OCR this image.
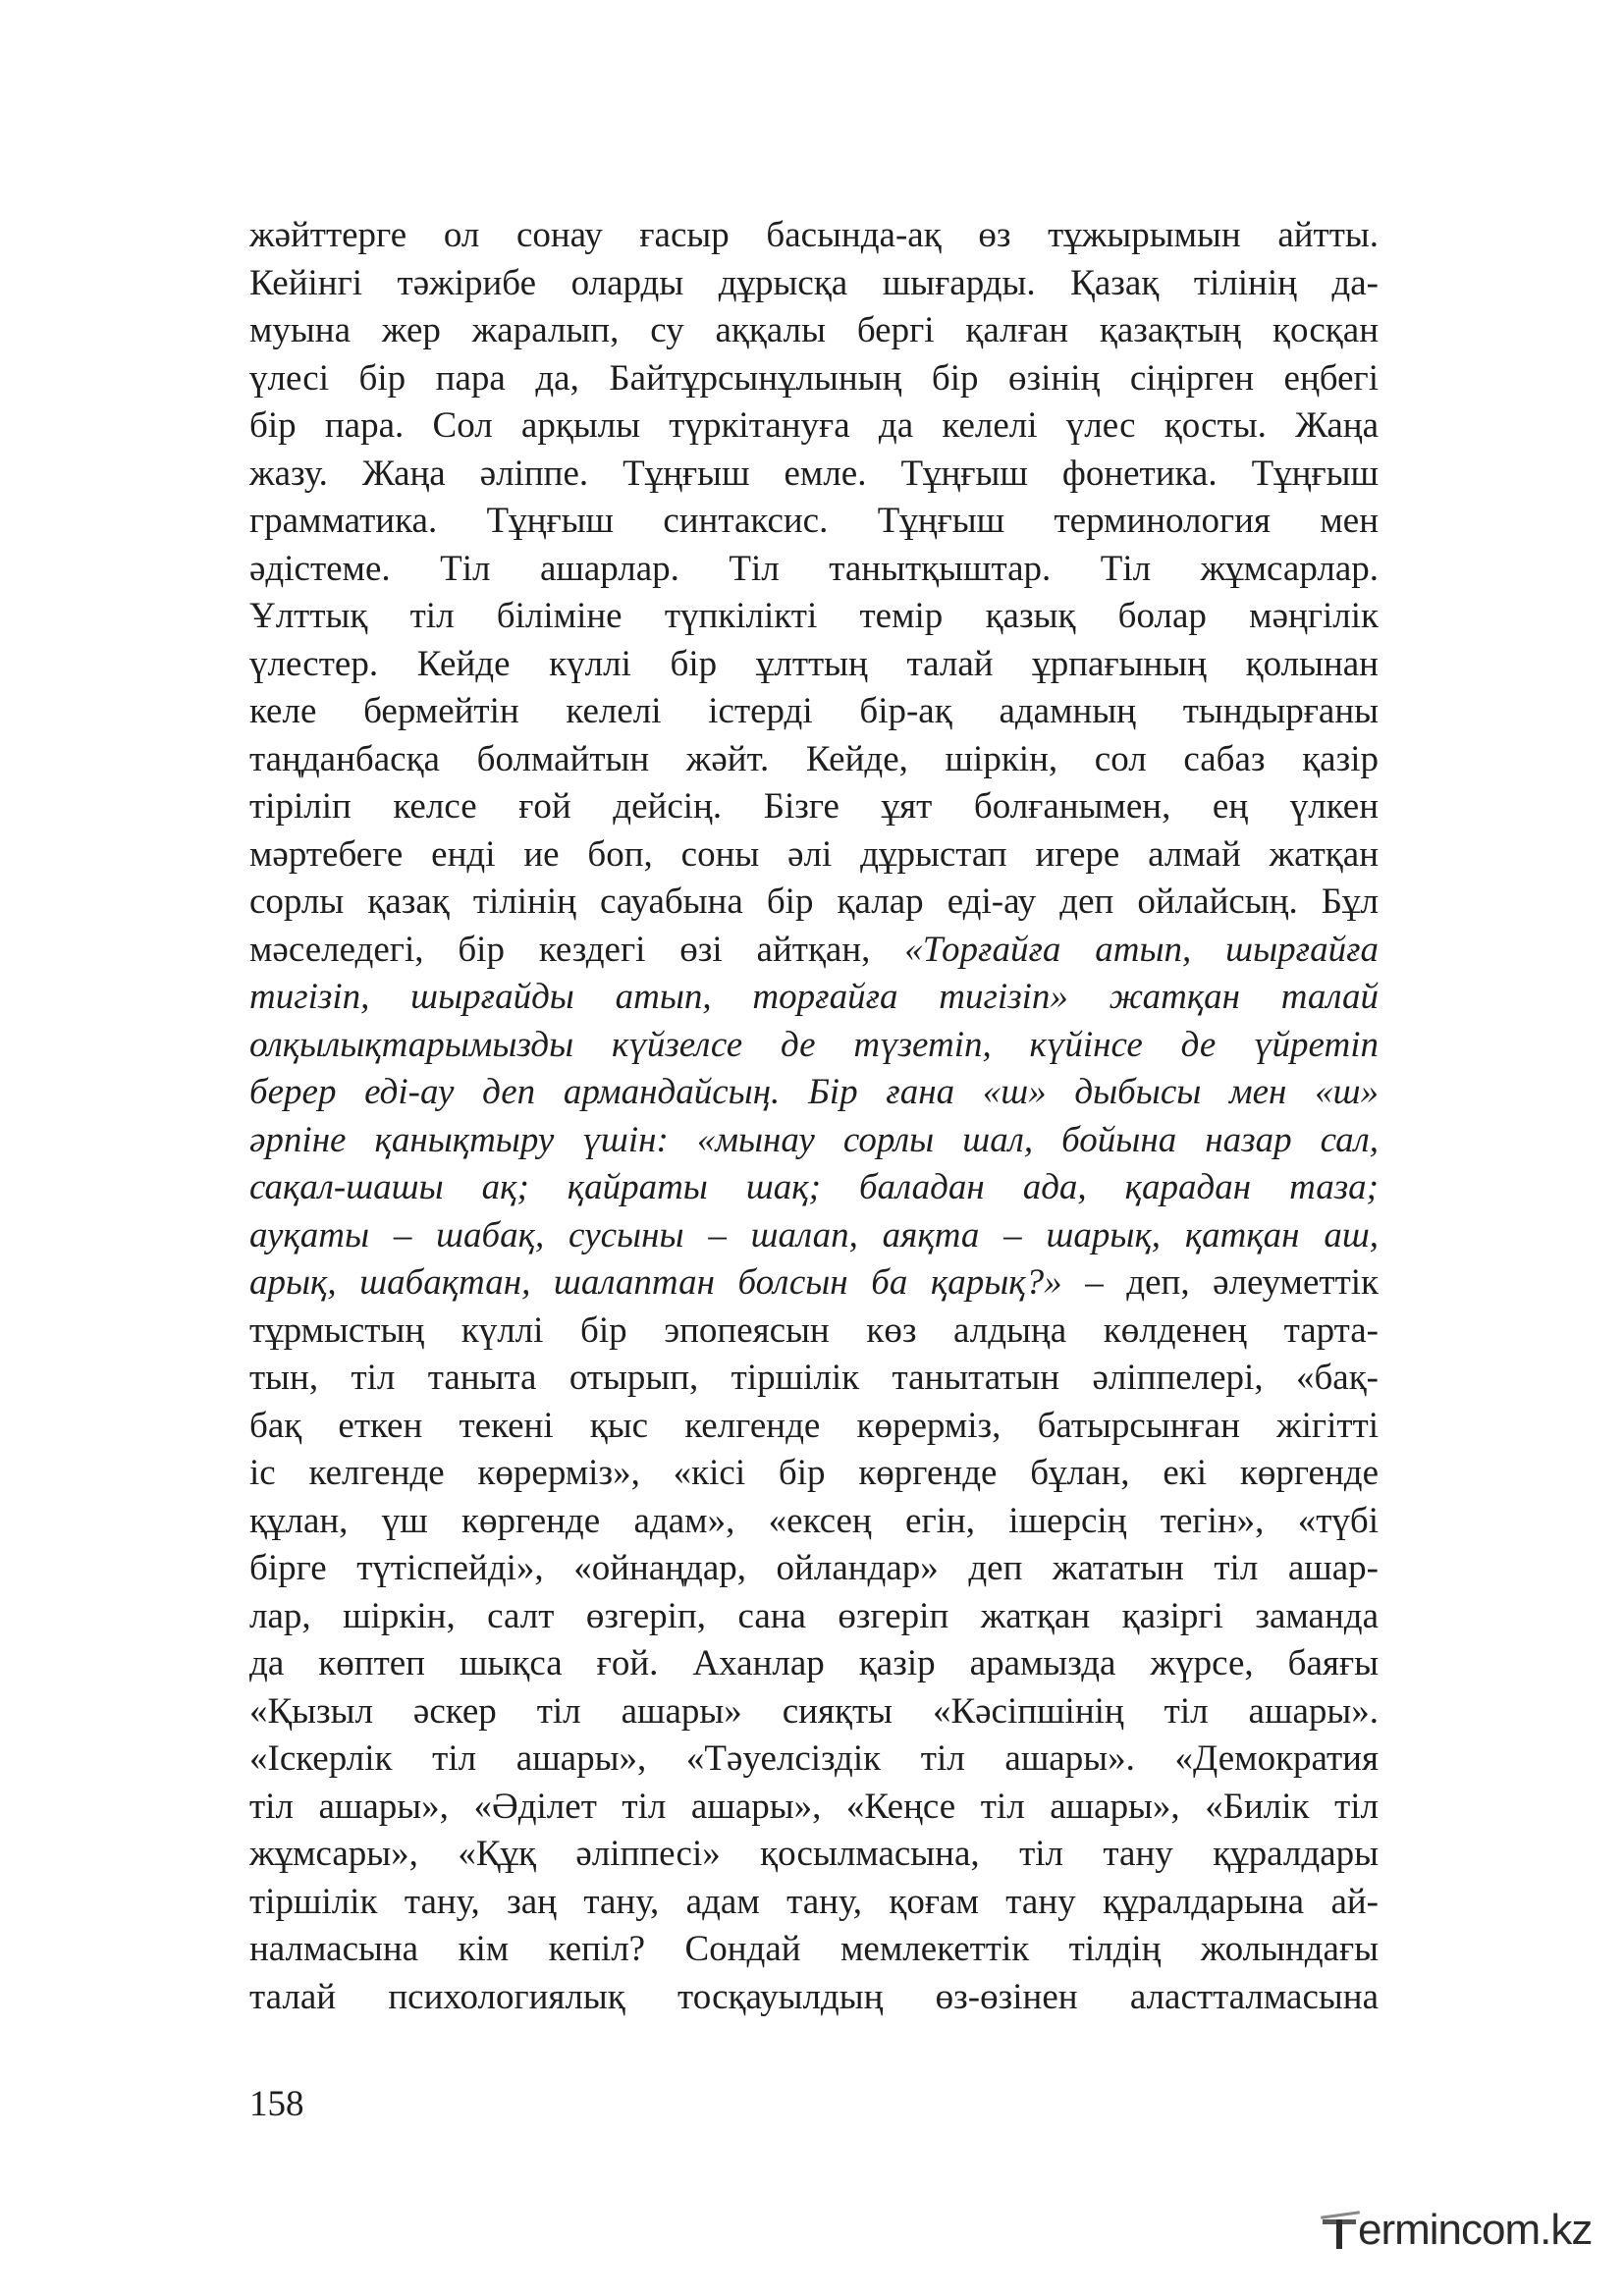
жәйттерге ол сонау ғасыр басында-ақ өз тұжырымын айтты.
Кейінгі тәжірибе оларды дұрысқа шығарды. Қазақ тілінің да-
муына жер жаралып, су аққалы бергі қалған қазақтың қосқан
үлесі бір пара да, Байтұрсынұлының бір өзінің сіңірген еңбегі
бір пара. Сол арқылы түркітануға да келелі үлес қосты. Жаңа
жазу. Жаңа әліппе. Тұңғыш емле. Тұңғыш фонетика. Тұңғыш
грамматика. Тұңғыш синтаксис. Тұңғыш терминология мен
әдістеме. Тіл ашарлар. Тіл танытқыштар. Тіл жұмсарлар.
Ұлттық тіл біліміне түпкілікті темір қазық болар мәңгілік
үлестер. Кейде күллі бір ұлттың талай ұрпағының қолынан
келе бермейтін келелі істерді бір-ақ адамның тындырғаны
таңданбасқа болмайтын жәйт. Кейде, шіркін, сол сабаз қазір
тіріліп келсе ғой дейсің. Бізге ұят болғанымен, ең үлкен
мәртебеге енді ие боп, соны әлі дұрыстап игере алмай жатқан
сорлы қазақ тілінің сауабына бір қалар еді-ау деп ойлайсың. Бұл
мәселедегі, бір кездегі өзі айтқан, «Торғайға атып, шырғайға
тигізіп, шырғайды атып, торғайға тигізіп» жатқан талай
олқылықтарымызды күйзелсе де түзетіп, күйінсе де үйретіп
берер еді-ау деп армандайсың. Бір ғана «ш» дыбысы мен «ш»
әрпіне қанықтыру үшін: «мынау сорлы шал, бойына назар сал,
сақал-шашы ақ; қайраты шақ; баладан ада, қарадан таза;
ауқаты – шабақ, сусыны – шалап, аяқта – шарық, қатқан аш,
арық, шабақтан, шалаптан болсын ба қарық?» – деп, әлеуметтік
тұрмыстың күллі бір эпопеясын көз алдыңа көлденең тарта-
тын, тіл таныта отырып, тіршілік танытатын әліппелері, «бақ-
бақ еткен текені қыс келгенде көрерміз, батырсынған жігітті
іс келгенде көрерміз», «кісі бір көргенде бұлан, екі көргенде
құлан, үш көргенде адам», «ексең егін, ішерсің тегін», «түбі
бірге түтіспейді», «ойнаңдар, ойландар» деп жататын тіл ашар-
лар, шіркін, салт өзгеріп, сана өзгеріп жатқан қазіргі заманда
да көптеп шықса ғой. Аханлар қазір арамызда жүрсе, баяғы
«Қызыл әскер тіл ашары» сияқты «Кәсіпшінің тіл ашары».
«Іскерлік тіл ашары», «Тәуелсіздік тіл ашары». «Демократия
тіл ашары», «Әділет тіл ашары», «Кеңсе тіл ашары», «Билік тіл
жұмсары», «Құқ әліппесі» қосылмасына, тіл тану құралдары
тіршілік тану, заң тану, адам тану, қоғам тану құралдарына ай-
налмасына кім кепіл? Сондай мемлекеттік тілдің жолындағы
талай психологиялық тосқауылдың өз-өзінен аластталмасына
158
ermincom.kz
